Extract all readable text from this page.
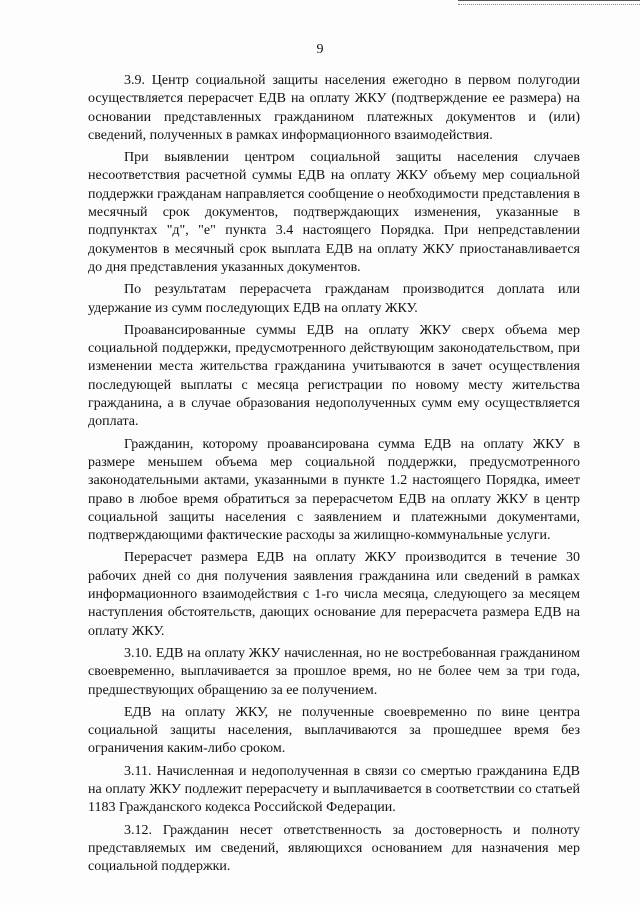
9

3.9. Центр социальной защиты населения ежегодно в первом полугодии осуществляется перерасчет ЕДВ на оплату ЖКУ (подтверждение ее размера) на основании представленных гражданином платежных документов и (или) сведений, полученных в рамках информационного взаимодействия.

При выявлении центром социальной защиты населения случаев несоответствия расчетной суммы ЕДВ на оплату ЖКУ объему мер социальной поддержки гражданам направляется сообщение о необходимости представления в месячный срок документов, подтверждающих изменения, указанные в подпунктах "д", "е" пункта 3.4 настоящего Порядка. При непредставлении документов в месячный срок выплата ЕДВ на оплату ЖКУ приостанавливается до дня представления указанных документов.

По результатам перерасчета гражданам производится доплата или удержание из сумм последующих ЕДВ на оплату ЖКУ.

Проавансированные суммы ЕДВ на оплату ЖКУ сверх объема мер социальной поддержки, предусмотренного действующим законодательством, при изменении места жительства гражданина учитываются в зачет осуществления последующей выплаты с месяца регистрации по новому месту жительства гражданина, а в случае образования недополученных сумм ему осуществляется доплата.

Гражданин, которому проавансирована сумма ЕДВ на оплату ЖКУ в размере меньшем объема мер социальной поддержки, предусмотренного законодательными актами, указанными в пункте 1.2 настоящего Порядка, имеет право в любое время обратиться за перерасчетом ЕДВ на оплату ЖКУ в центр социальной защиты населения с заявлением и платежными документами, подтверждающими фактические расходы за жилищно-коммунальные услуги.

Перерасчет размера ЕДВ на оплату ЖКУ производится в течение 30 рабочих дней со дня получения заявления гражданина или сведений в рамках информационного взаимодействия с 1-го числа месяца, следующего за месяцем наступления обстоятельств, дающих основание для перерасчета размера ЕДВ на оплату ЖКУ.

3.10. ЕДВ на оплату ЖКУ начисленная, но не востребованная гражданином своевременно, выплачивается за прошлое время, но не более чем за три года, предшествующих обращению за ее получением.

ЕДВ на оплату ЖКУ, не полученные своевременно по вине центра социальной защиты населения, выплачиваются за прошедшее время без ограничения каким-либо сроком.

3.11. Начисленная и недополученная в связи со смертью гражданина ЕДВ на оплату ЖКУ подлежит перерасчету и выплачивается в соответствии со статьей 1183 Гражданского кодекса Российской Федерации.

3.12. Гражданин несет ответственность за достоверность и полноту представляемых им сведений, являющихся основанием для назначения мер социальной поддержки.
